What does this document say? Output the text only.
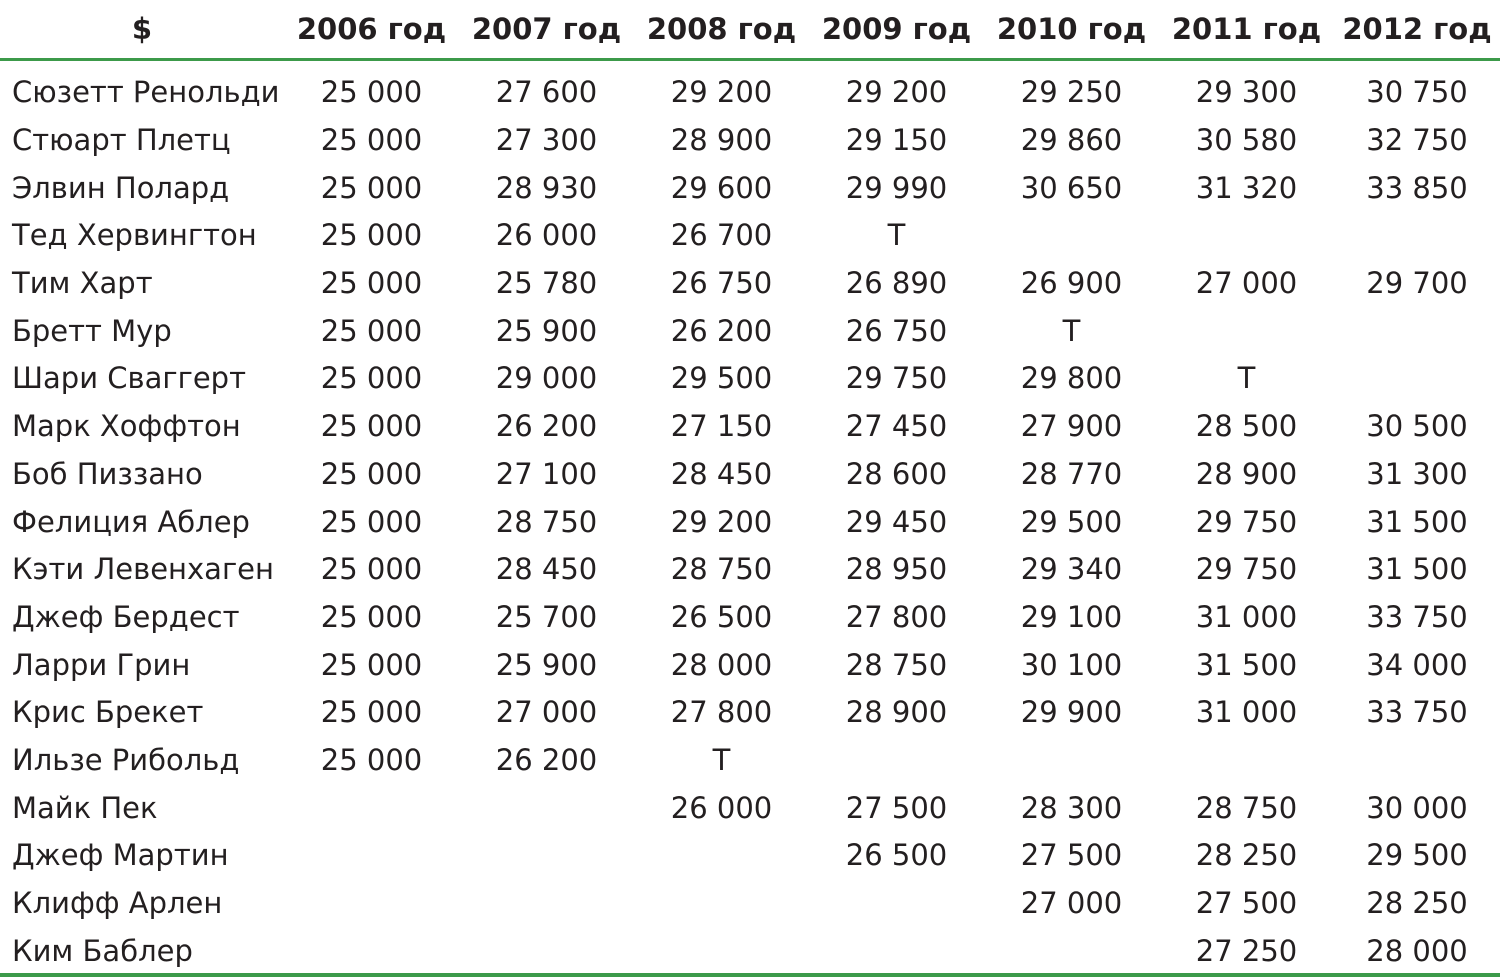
$	2006 год	2007 год	2008 год	2009 год	2010 год	2011 год	2012 год
Сюзетт Ренольди	25 000	27 600	29 200	29 200	29 250	29 300	30 750
Стюарт Плетц	25 000	27 300	28 900	29 150	29 860	30 580	32 750
Элвин Полард	25 000	28 930	29 600	29 990	30 650	31 320	33 850
Тед Хервингтон	25 000	26 000	26 700	Т			
Тим Харт	25 000	25 780	26 750	26 890	26 900	27 000	29 700
Бретт Мур	25 000	25 900	26 200	26 750	Т		
Шари Сваггерт	25 000	29 000	29 500	29 750	29 800	Т	
Марк Хоффтон	25 000	26 200	27 150	27 450	27 900	28 500	30 500
Боб Пиззано	25 000	27 100	28 450	28 600	28 770	28 900	31 300
Фелиция Аблер	25 000	28 750	29 200	29 450	29 500	29 750	31 500
Кэти Левенхаген	25 000	28 450	28 750	28 950	29 340	29 750	31 500
Джеф Бердест	25 000	25 700	26 500	27 800	29 100	31 000	33 750
Ларри Грин	25 000	25 900	28 000	28 750	30 100	31 500	34 000
Крис Брекет	25 000	27 000	27 800	28 900	29 900	31 000	33 750
Ильзе Рибольд	25 000	26 200	Т				
Майк Пек			26 000	27 500	28 300	28 750	30 000
Джеф Мартин				26 500	27 500	28 250	29 500
Клифф Арлен					27 000	27 500	28 250
Ким Баблер						27 250	28 000
